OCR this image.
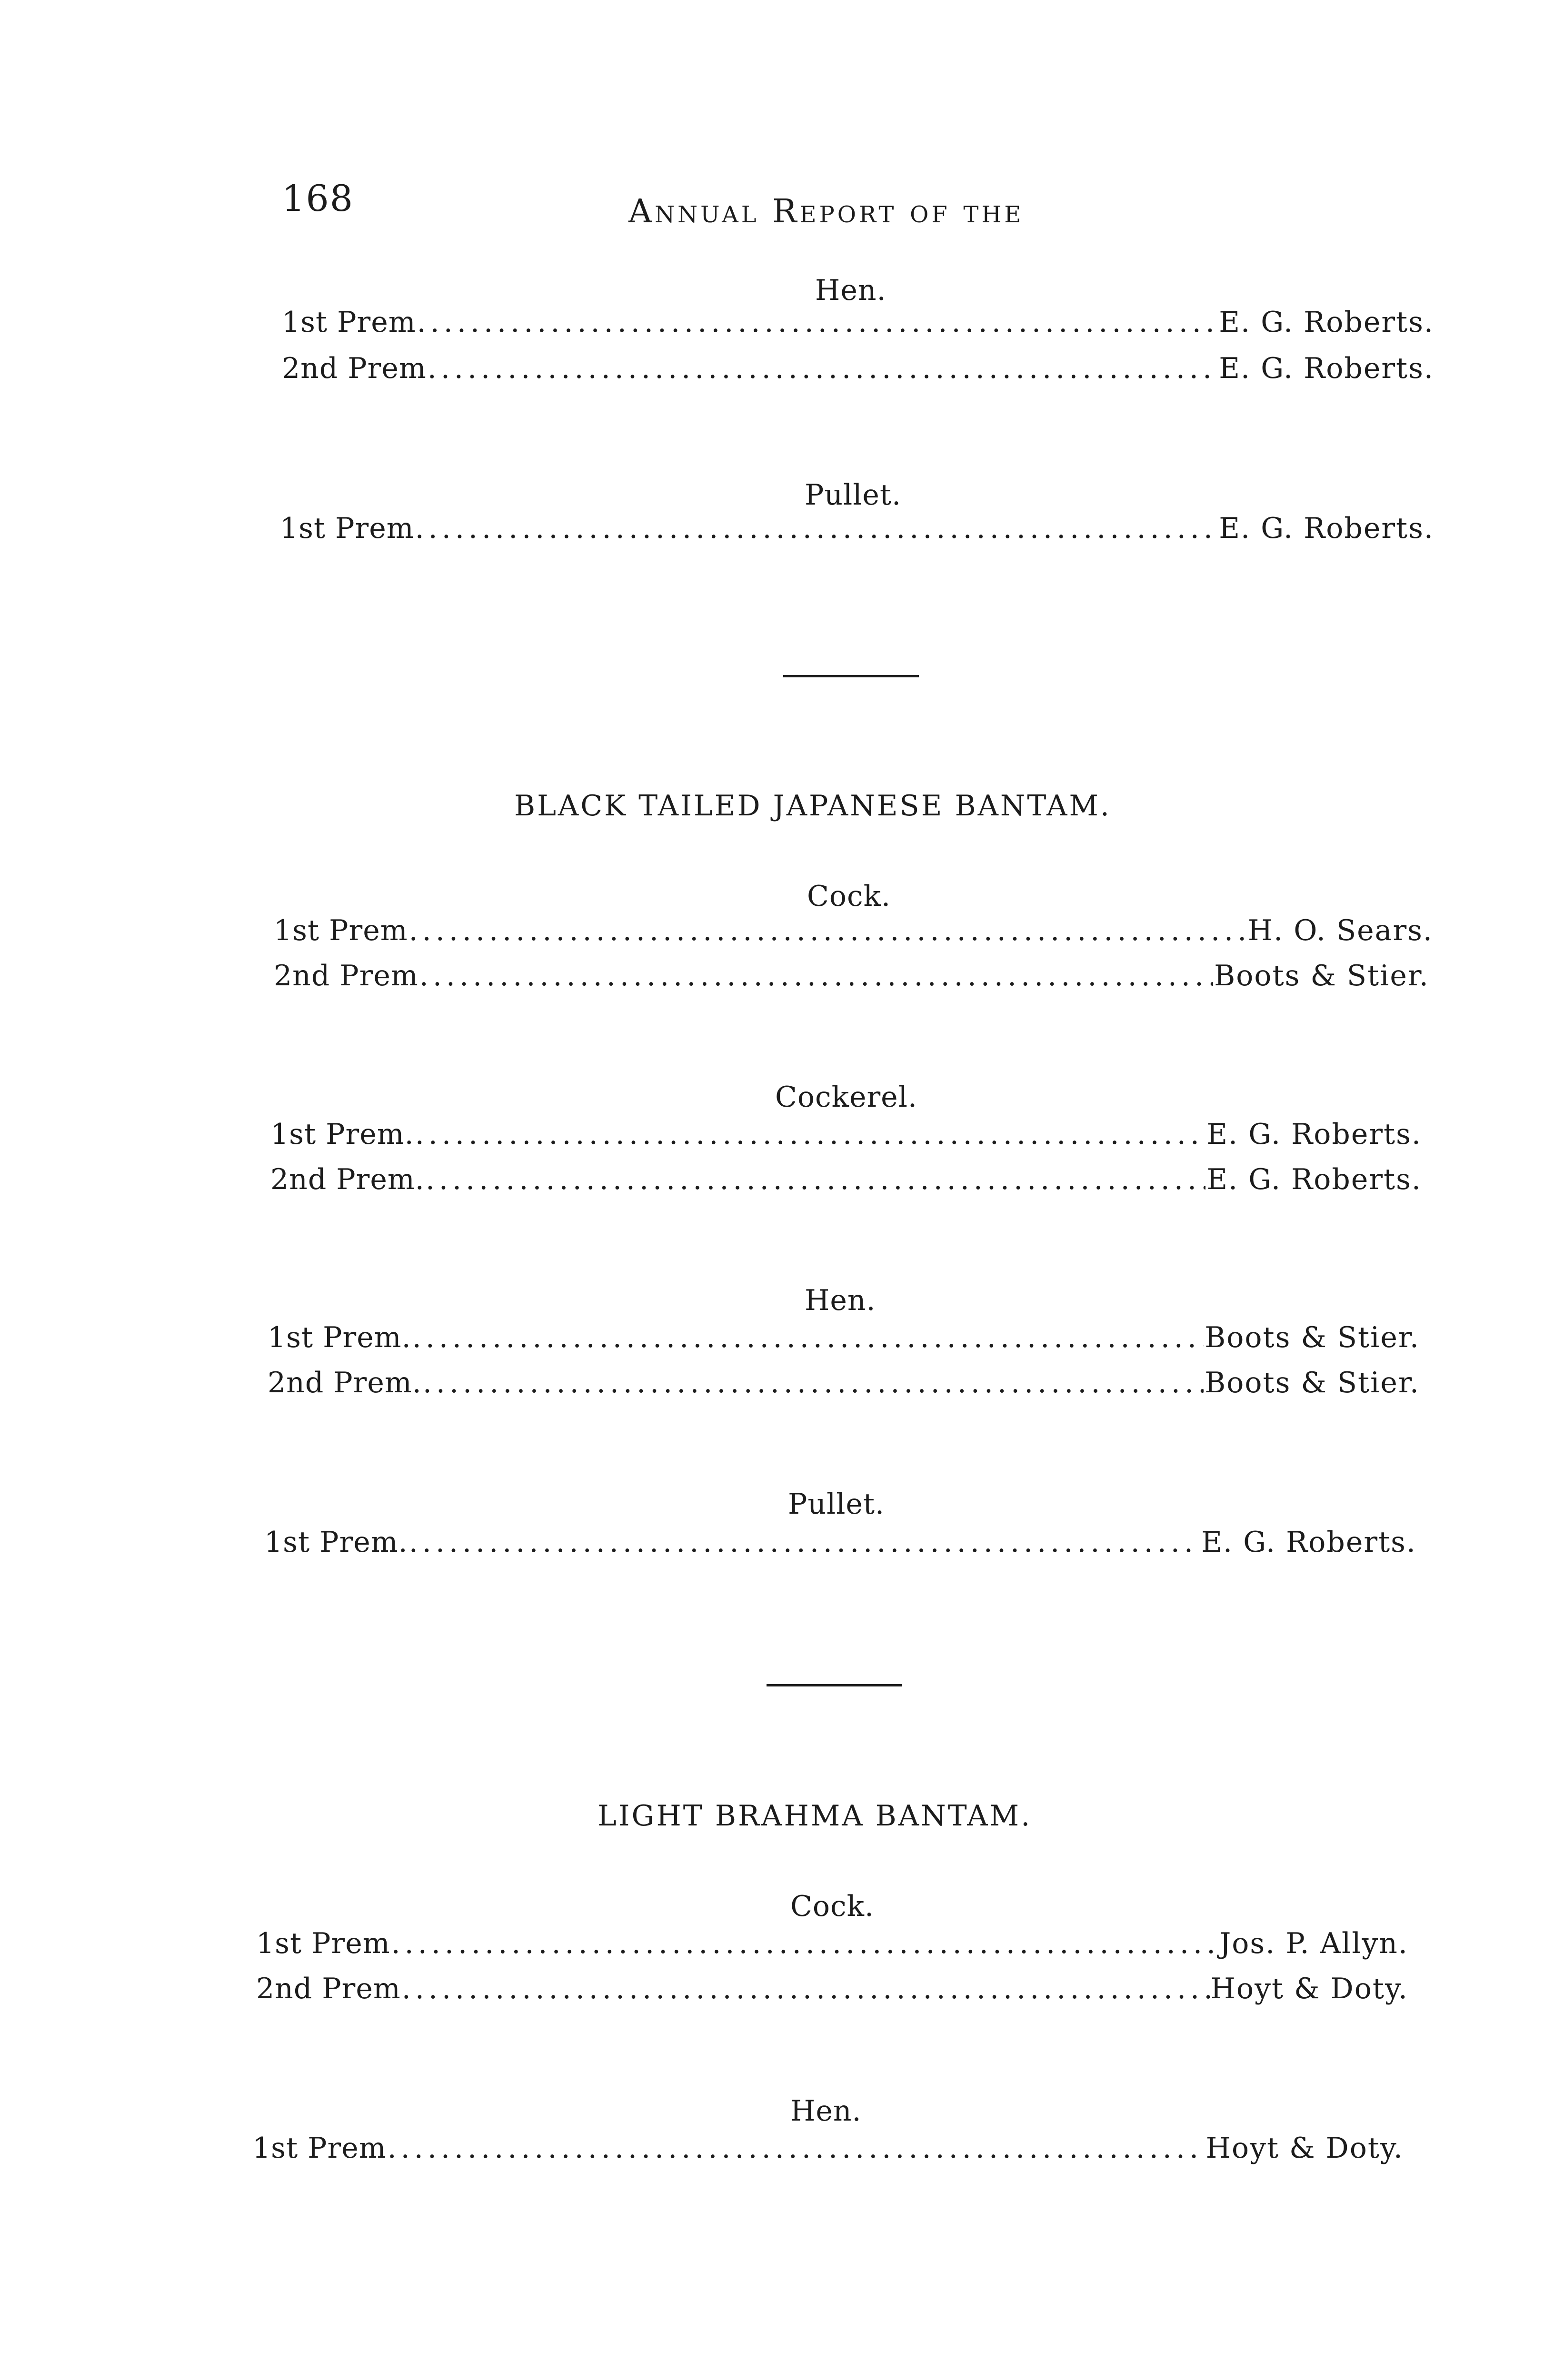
168	Annual Report of the
Hen.
1st Prem .....	E. G. Roberts.
2nd Prem .....	E. G. Roberts.
Pullet.
1st Prem .....	E. G. Roberts.
BLACK TAILED JAPANESE BANTAM.
Cock.
1st Prem .....	H. O. Sears.
2nd Prem .....	Boots & Stier.
Cockerel.
1st Prem. .....	E. G. Roberts.
2nd Prem. .....	E. G. Roberts.
Hen.
1st Prem. .....	Boots & Stier.
2nd Prem. .....	Boots & Stier.
Pullet.
1st Prem. .....	E. G. Roberts.
LIGHT BRAHMA BANTAM.
Cock.
1st Prem .....	Jos. P. Allyn.
2nd Prem .....	Hoyt & Doty.
Hen.
1st Prem .....	Hoyt & Doty.
